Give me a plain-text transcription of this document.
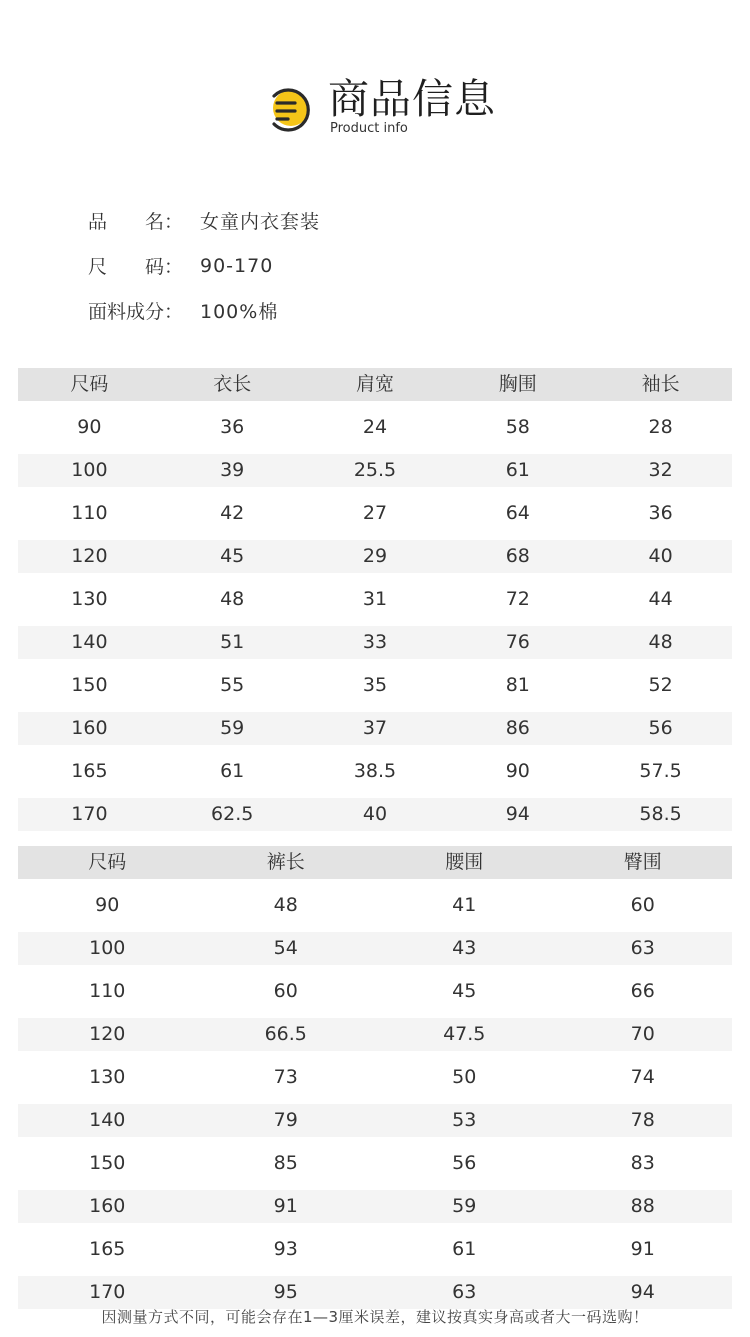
商品信息
Product info
品 名： 女童内衣套装
尺 码： 90-170
面料成分： 100%棉
尺码	衣长	肩宽	胸围	袖长
90	36	24	58	28
100	39	25.5	61	32
110	42	27	64	36
120	45	29	68	40
130	48	31	72	44
140	51	33	76	48
150	55	35	81	52
160	59	37	86	56
165	61	38.5	90	57.5
170	62.5	40	94	58.5
尺码	裤长	腰围	臀围
90	48	41	60
100	54	43	63
110	60	45	66
120	66.5	47.5	70
130	73	50	74
140	79	53	78
150	85	56	83
160	91	59	88
165	93	61	91
170	95	63	94
因测量方式不同，可能会存在1—3厘米误差，建议按真实身高或者大一码选购！
